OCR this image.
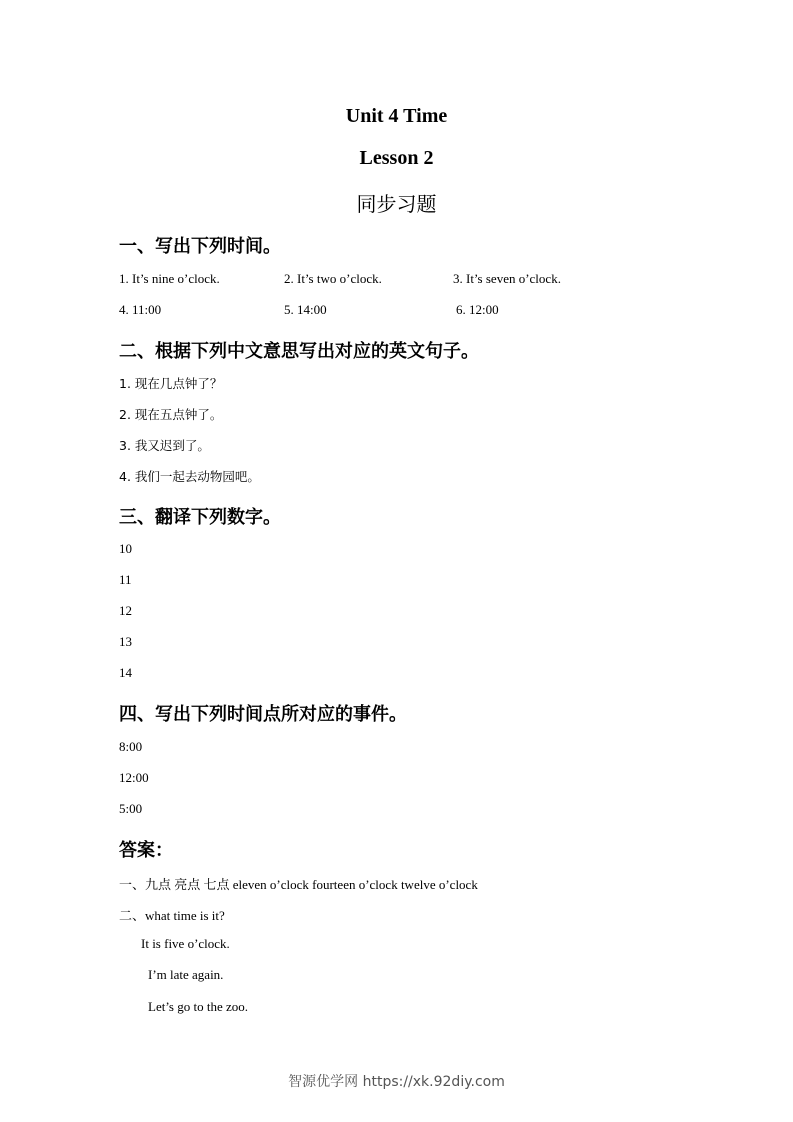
Unit 4 Time
Lesson 2
同步习题
一、写出下列时间。
1. It’s nine o’clock.	2. It’s two o’clock.	3. It’s seven o’clock.
4. 11:00	5. 14:00	6. 12:00
二、根据下列中文意思写出对应的英文句子。
1. 现在几点钟了？
2. 现在五点钟了。
3. 我又迟到了。
4. 我们一起去动物园吧。
三、翻译下列数字。
10
11
12
13
14
四、写出下列时间点所对应的事件。
8:00
12:00
5:00
答案：
一、九点 亮点 七点 eleven o’clock fourteen o’clock twelve o’clock
二、what time is it?
It is five o’clock.
I’m late again.
Let’s go to the zoo.
智源优学网 https://xk.92diy.com
